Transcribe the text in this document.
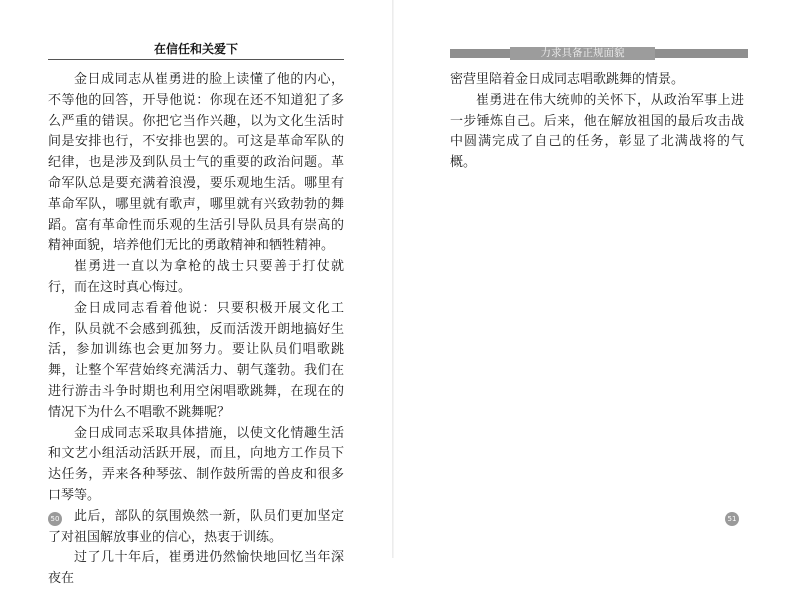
在信任和关爱下

金日成同志从崔勇进的脸上读懂了他的内心，不等他的回答，开导他说：你现在还不知道犯了多么严重的错误。你把它当作兴趣，以为文化生活时间是安排也行，不安排也罢的。可这是革命军队的纪律，也是涉及到队员士气的重要的政治问题。革命军队总是要充满着浪漫，要乐观地生活。哪里有革命军队，哪里就有歌声，哪里就有兴致勃勃的舞蹈。富有革命性而乐观的生活引导队员具有崇高的精神面貌，培养他们无比的勇敢精神和牺牲精神。

崔勇进一直以为拿枪的战士只要善于打仗就行，而在这时真心悔过。

金日成同志看着他说：只要积极开展文化工作，队员就不会感到孤独，反而活泼开朗地搞好生活，参加训练也会更加努力。要让队员们唱歌跳舞，让整个军营始终充满活力、朝气蓬勃。我们在进行游击斗争时期也利用空闲唱歌跳舞，在现在的情况下为什么不唱歌不跳舞呢？

金日成同志采取具体措施，以使文化情趣生活和文艺小组活动活跃开展，而且，向地方工作员下达任务，弄来各种琴弦、制作鼓所需的兽皮和很多口琴等。

此后，部队的氛围焕然一新，队员们更加坚定了对祖国解放事业的信心，热衷于训练。

过了几十年后，崔勇进仍然愉快地回忆当年深夜在

50
力求具备正规面貌

密营里陪着金日成同志唱歌跳舞的情景。

崔勇进在伟大统帅的关怀下，从政治军事上进一步锤炼自己。后来，他在解放祖国的最后攻击战中圆满完成了自己的任务，彰显了北满战将的气概。

51
